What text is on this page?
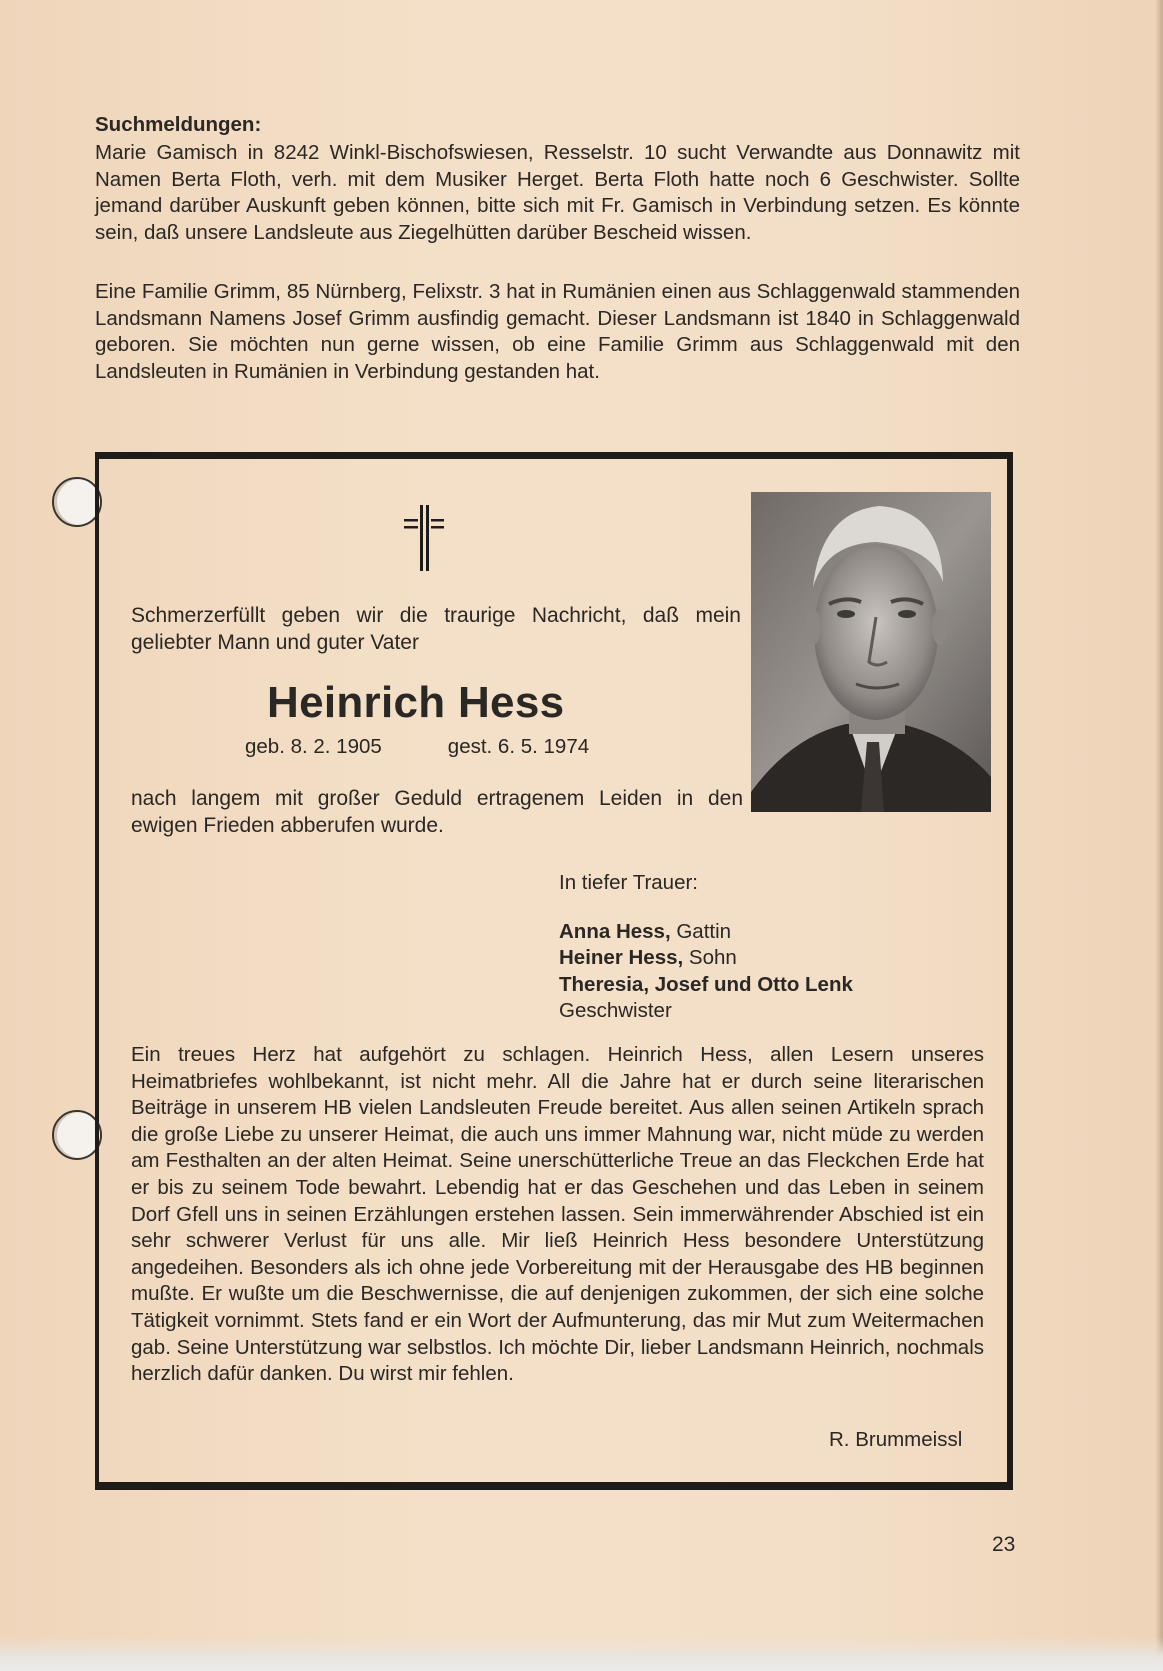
Suchmeldungen:

Marie Gamisch in 8242 Winkl-Bischofswiesen, Resselstr. 10 sucht Verwandte aus Donnawitz mit Namen Berta Floth, verh. mit dem Musiker Herget. Berta Floth hatte noch 6 Geschwister. Sollte jemand darüber Auskunft geben können, bitte sich mit Fr. Gamisch in Verbindung setzen. Es könnte sein, daß unsere Landsleute aus Ziegelhütten darüber Bescheid wissen.

Eine Familie Grimm, 85 Nürnberg, Felixstr. 3 hat in Rumänien einen aus Schlaggenwald stammenden Landsmann Namens Josef Grimm ausfindig gemacht. Dieser Landsmann ist 1840 in Schlaggenwald geboren. Sie möchten nun gerne wissen, ob eine Familie Grimm aus Schlaggenwald mit den Landsleuten in Rumänien in Verbindung gestanden hat.

Schmerzerfüllt geben wir die traurige Nachricht, daß mein geliebter Mann und guter Vater
Heinrich Hess
geb. 8. 2. 1905	gest. 6. 5. 1974
nach langem mit großer Geduld ertragenem Leiden in den ewigen Frieden abberufen wurde.
In tiefer Trauer:
Anna Hess, Gattin
Heiner Hess, Sohn
Theresia, Josef und Otto Lenk
Geschwister
Ein treues Herz hat aufgehört zu schlagen. Heinrich Hess, allen Lesern unseres Heimatbriefes wohlbekannt, ist nicht mehr. All die Jahre hat er durch seine literarischen Beiträge in unserem HB vielen Landsleuten Freude bereitet. Aus allen seinen Artikeln sprach die große Liebe zu unserer Heimat, die auch uns immer Mahnung war, nicht müde zu werden am Festhalten an der alten Heimat. Seine unerschütterliche Treue an das Fleckchen Erde hat er bis zu seinem Tode bewahrt. Lebendig hat er das Geschehen und das Leben in seinem Dorf Gfell uns in seinen Erzählungen erstehen lassen. Sein immerwährender Abschied ist ein sehr schwerer Verlust für uns alle. Mir ließ Heinrich Hess besondere Unterstützung angedeihen. Besonders als ich ohne jede Vorbereitung mit der Herausgabe des HB beginnen mußte. Er wußte um die Beschwernisse, die auf denjenigen zukommen, der sich eine solche Tätigkeit vornimmt. Stets fand er ein Wort der Aufmunterung, das mir Mut zum Weitermachen gab. Seine Unterstützung war selbstlos. Ich möchte Dir, lieber Landsmann Heinrich, nochmals herzlich dafür danken. Du wirst mir fehlen.
R. Brummeissl
23
